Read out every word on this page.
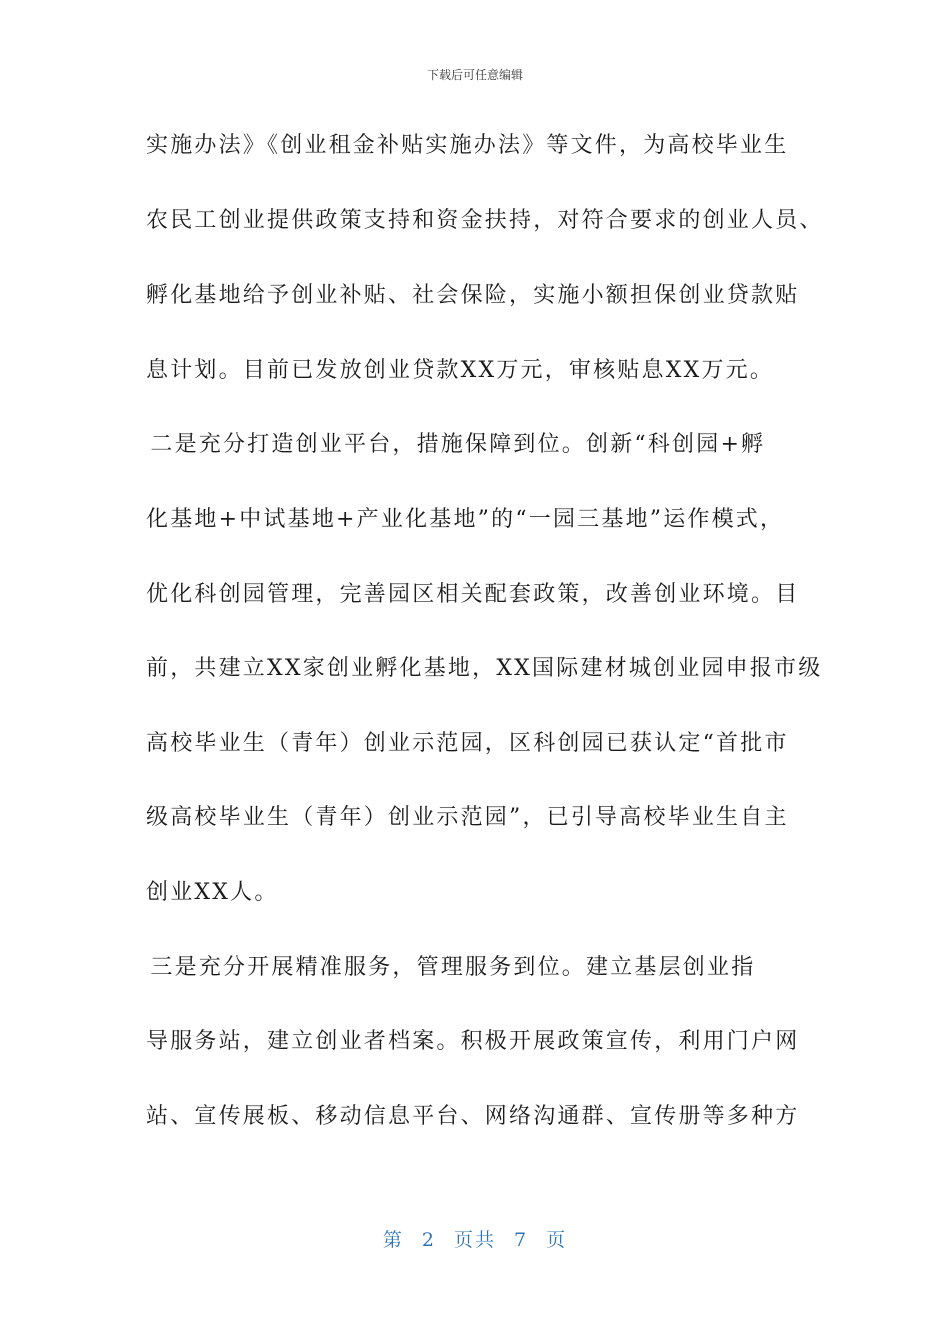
下载后可任意编辑
实施办法》《创业租金补贴实施办法》等文件，为高校毕业生
农民工创业提供政策支持和资金扶持，对符合要求的创业人员、
孵化基地给予创业补贴、社会保险，实施小额担保创业贷款贴
息计划。目前已发放创业贷款XX万元，审核贴息XX万元。
　　二是充分打造创业平台，措施保障到位。创新“科创园+孵
化基地+中试基地+产业化基地”的“一园三基地”运作模式，
优化科创园管理，完善园区相关配套政策，改善创业环境。目
前，共建立XX家创业孵化基地，XX国际建材城创业园申报市级
高校毕业生（青年）创业示范园，区科创园已获认定“首批市
级高校毕业生（青年）创业示范园”，已引导高校毕业生自主
创业XX人。
　　三是充分开展精准服务，管理服务到位。建立基层创业指
导服务站，建立创业者档案。积极开展政策宣传，利用门户网
站、宣传展板、移动信息平台、网络沟通群、宣传册等多种方
第 2 页共 7 页
